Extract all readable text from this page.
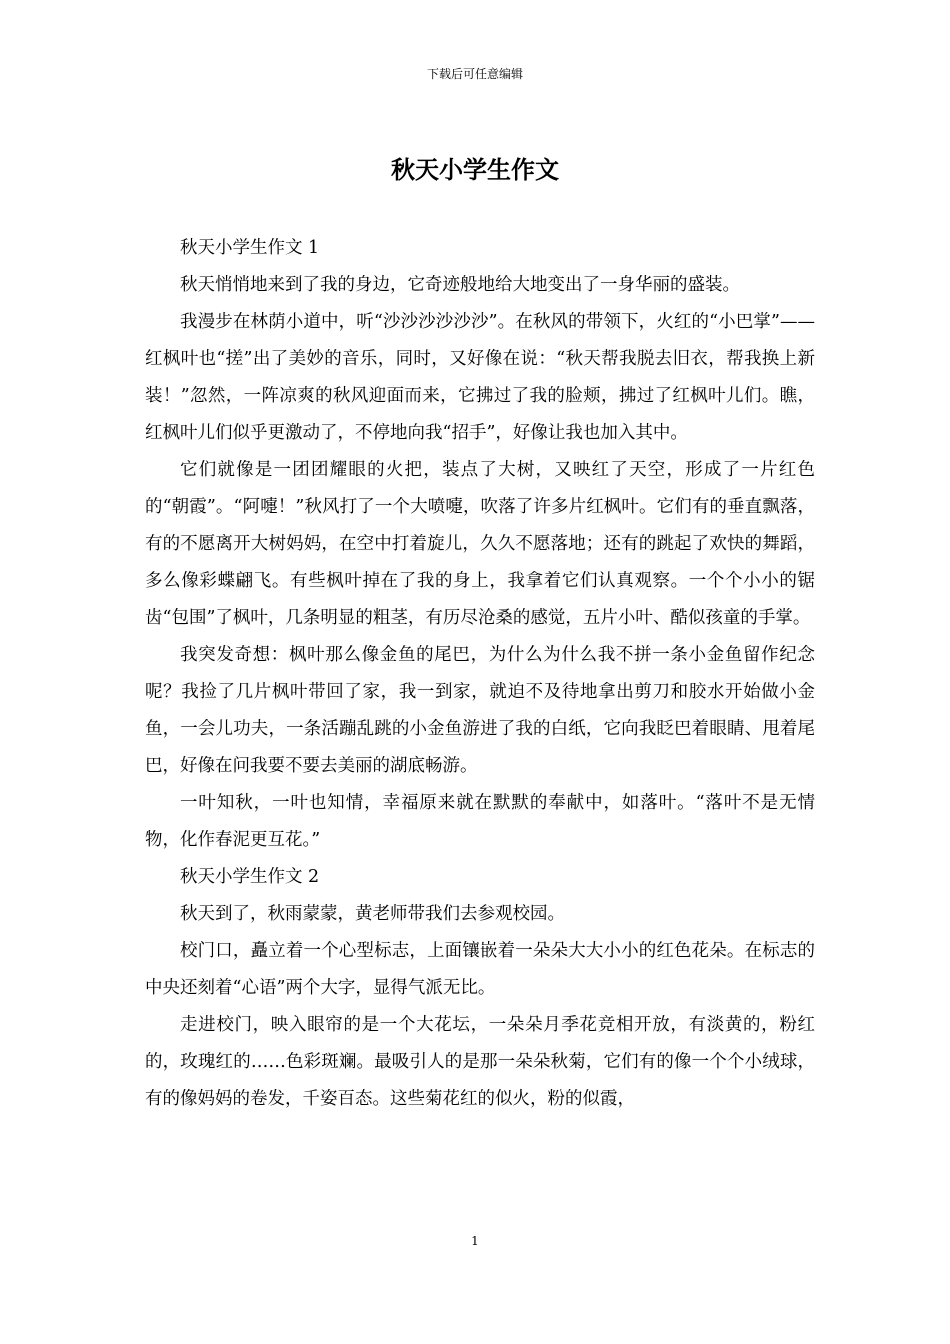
下载后可任意编辑
秋天小学生作文

秋天小学生作文 1

秋天悄悄地来到了我的身边，它奇迹般地给大地变出了一身华丽的盛装。

我漫步在林荫小道中，听“沙沙沙沙沙沙”。在秋风的带领下，火红的“小巴掌”——红枫叶也“搓”出了美妙的音乐，同时，又好像在说：“秋天帮我脱去旧衣，帮我换上新装！”忽然，一阵凉爽的秋风迎面而来，它拂过了我的脸颊，拂过了红枫叶儿们。瞧，红枫叶儿们似乎更激动了，不停地向我“招手”，好像让我也加入其中。

它们就像是一团团耀眼的火把，装点了大树，又映红了天空，形成了一片红色的“朝霞”。“阿嚏！”秋风打了一个大喷嚏，吹落了许多片红枫叶。它们有的垂直飘落，有的不愿离开大树妈妈，在空中打着旋儿，久久不愿落地；还有的跳起了欢快的舞蹈，多么像彩蝶翩飞。有些枫叶掉在了我的身上，我拿着它们认真观察。一个个小小的锯齿“包围”了枫叶，几条明显的粗茎，有历尽沧桑的感觉，五片小叶、酷似孩童的手掌。

我突发奇想：枫叶那么像金鱼的尾巴，为什么为什么我不拼一条小金鱼留作纪念呢？我捡了几片枫叶带回了家，我一到家，就迫不及待地拿出剪刀和胶水开始做小金鱼，一会儿功夫，一条活蹦乱跳的小金鱼游进了我的白纸，它向我眨巴着眼睛、甩着尾巴，好像在问我要不要去美丽的湖底畅游。

一叶知秋，一叶也知情，幸福原来就在默默的奉献中，如落叶。“落叶不是无情物，化作春泥更互花。”

秋天小学生作文 2

秋天到了，秋雨蒙蒙，黄老师带我们去参观校园。

校门口，矗立着一个心型标志，上面镶嵌着一朵朵大大小小的红色花朵。在标志的中央还刻着“心语”两个大字，显得气派无比。

走进校门，映入眼帘的是一个大花坛，一朵朵月季花竞相开放，有淡黄的，粉红的，玫瑰红的……色彩斑斓。最吸引人的是那一朵朵秋菊，它们有的像一个个小绒球，有的像妈妈的卷发，千姿百态。这些菊花红的似火，粉的似霞，

1
